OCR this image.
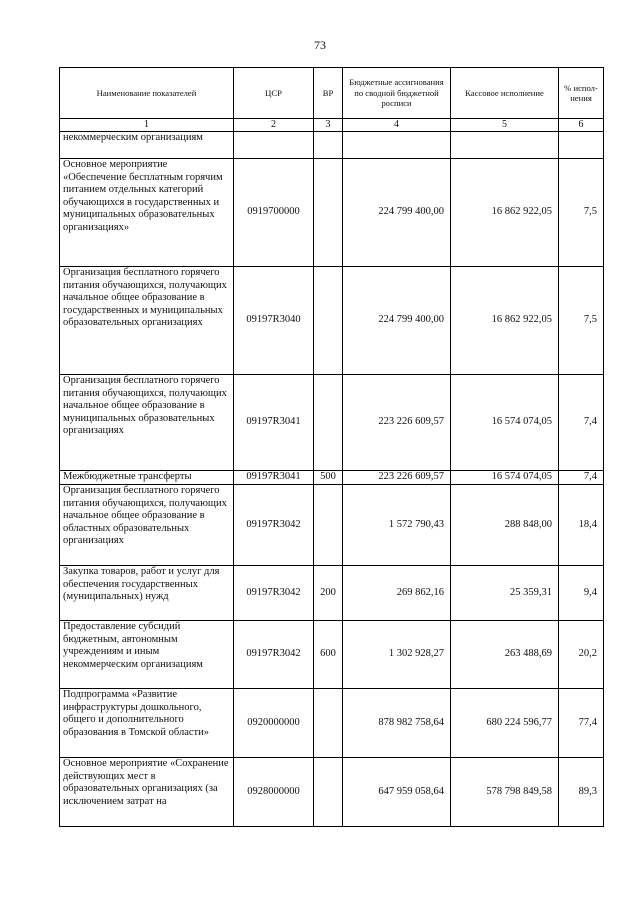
73
Наименование показателей	ЦСР	ВР	Бюджетные ассигнования по сводной бюджетной росписи	Кассовое исполнение	% испол-нения
1	2	3	4	5	6
некоммерческим организациям					
Основное мероприятие «Обеспечение бесплатным горячим питанием отдельных категорий обучающихся в государственных и муниципальных образовательных организациях»	0919700000		224 799 400,00	16 862 922,05	7,5
Организация бесплатного горячего питания обучающихся, получающих начальное общее образование в государственных и муниципальных образовательных организациях	09197R3040		224 799 400,00	16 862 922,05	7,5
Организация бесплатного горячего питания обучающихся, получающих начальное общее образование в муниципальных образовательных организациях	09197R3041		223 226 609,57	16 574 074,05	7,4
Межбюджетные трансферты	09197R3041	500	223 226 609,57	16 574 074,05	7,4
Организация бесплатного горячего питания обучающихся, получающих начальное общее образование в областных образовательных организациях	09197R3042		1 572 790,43	288 848,00	18,4
Закупка товаров, работ и услуг для обеспечения государственных (муниципальных) нужд	09197R3042	200	269 862,16	25 359,31	9,4
Предоставление субсидий бюджетным, автономным учреждениям и иным некоммерческим организациям	09197R3042	600	1 302 928,27	263 488,69	20,2
Подпрограмма «Развитие инфраструктуры дошкольного, общего и дополнительного образования в Томской области»	0920000000		878 982 758,64	680 224 596,77	77,4
Основное мероприятие «Сохранение действующих мест в образовательных организациях (за исключением затрат на	0928000000		647 959 058,64	578 798 849,58	89,3
